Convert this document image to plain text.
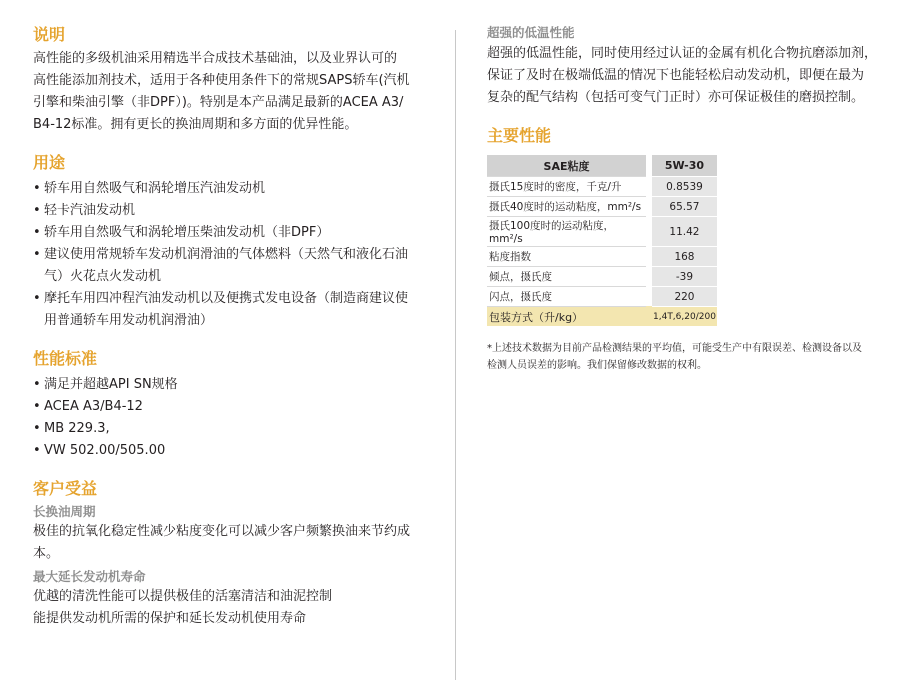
说明

高性能的多级机油采用精选半合成技术基础油，以及业界认可的

高性能添加剂技术，适用于各种使用条件下的常规SAPS轿车(汽机

引擎和柴油引擎（非DPF）)。特别是本产品满足最新的ACEA A3/

B4-12标准。拥有更长的换油周期和多方面的优异性能。

用途
• 轿车用自然吸气和涡轮增压汽油发动机
• 轻卡汽油发动机
• 轿车用自然吸气和涡轮增压柴油发动机（非DPF）
• 建议使用常规轿车发动机润滑油的气体燃料（天然气和液化石油
气）火花点火发动机
• 摩托车用四冲程汽油发动机以及便携式发电设备（制造商建议使
用普通轿车用发动机润滑油）
性能标准
• 满足并超越API SN规格
• ACEA A3/B4-12
• MB 229.3,
• VW 502.00/505.00
客户受益
长换油周期

极佳的抗氧化稳定性减少粘度变化可以减少客户频繁换油来节约成本。

最大延长发动机寿命

优越的清洗性能可以提供极佳的活塞清洁和油泥控制

能提供发动机所需的保护和延长发动机使用寿命

超强的低温性能

超强的低温性能，同时使用经过认证的金属有机化合物抗磨添加剂，

保证了及时在极端低温的情况下也能轻松启动发动机，即便在最为

复杂的配气结构（包括可变气门正时）亦可保证极佳的磨损控制。

主要性能
SAE粘度		5W-30
摄氏15度时的密度，千克/升		0.8539
摄氏40度时的运动粘度，mm²/s		65.57
摄氏100度时的运动粘度，mm²/s		11.42
粘度指数		168
倾点，摄氏度		-39
闪点，摄氏度		220
包装方式（升/kg）		1,4T,6,20/200
*上述技术数据为目前产品检测结果的平均值，可能受生产中有限误差、检测设备以及
检测人员误差的影响。我们保留修改数据的权利。
